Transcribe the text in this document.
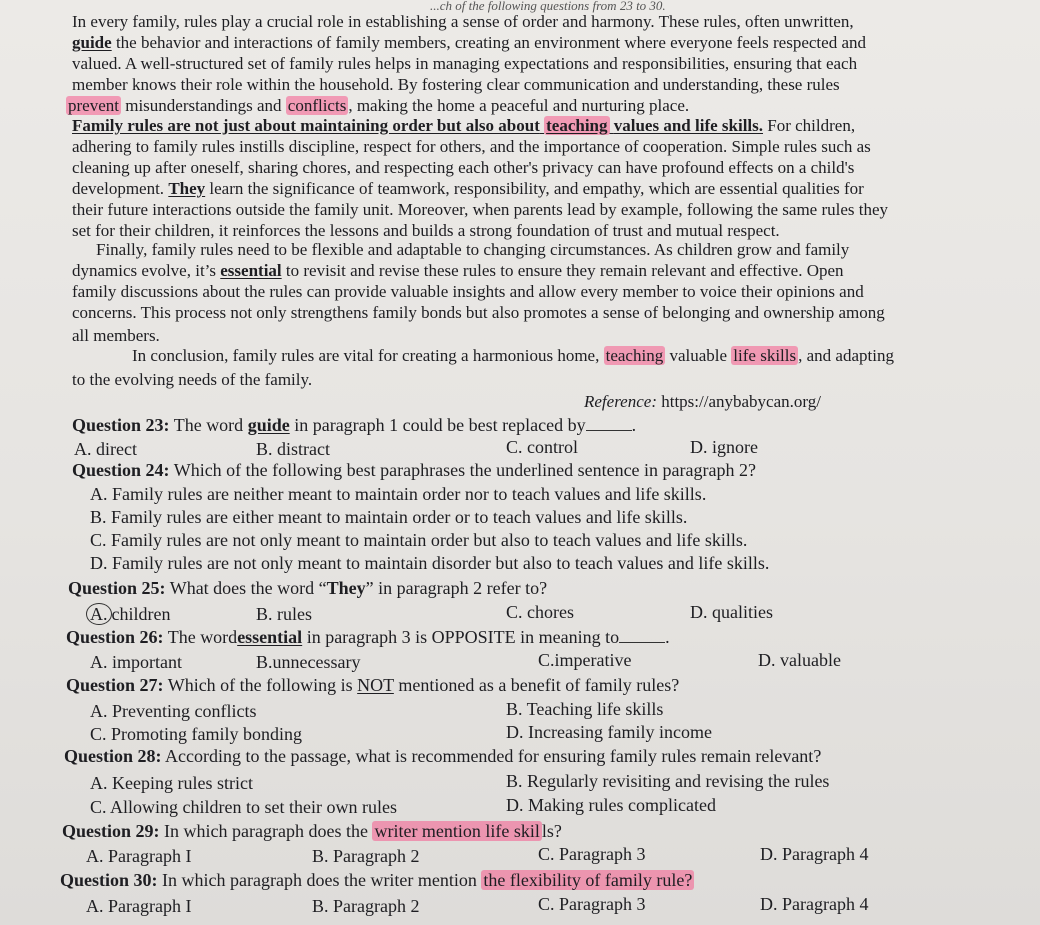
...ch of the following questions from 23 to 30.
In every family, rules play a crucial role in establishing a sense of order and harmony. These rules, often unwritten,
guide the behavior and interactions of family members, creating an environment where everyone feels respected and
valued. A well-structured set of family rules helps in managing expectations and responsibilities, ensuring that each
member knows their role within the household. By fostering clear communication and understanding, these rules
prevent misunderstandings and conflicts , making the home a peaceful and nurturing place.
Family rules are not just about maintaining order but also about teaching values and life skills. For children,
adhering to family rules instills discipline, respect for others, and the importance of cooperation. Simple rules such as
cleaning up after oneself, sharing chores, and respecting each other's privacy can have profound effects on a child's
development. They learn the significance of teamwork, responsibility, and empathy, which are essential qualities for
their future interactions outside the family unit. Moreover, when parents lead by example, following the same rules they
set for their children, it reinforces the lessons and builds a strong foundation of trust and mutual respect.
Finally, family rules need to be flexible and adaptable to changing circumstances. As children grow and family
dynamics evolve, it’s essential to revisit and revise these rules to ensure they remain relevant and effective. Open
family discussions about the rules can provide valuable insights and allow every member to voice their opinions and
concerns. This process not only strengthens family bonds but also promotes a sense of belonging and ownership among
all members.
In conclusion, family rules are vital for creating a harmonious home, teaching valuable life skills , and adapting
to the evolving needs of the family.
Reference: https://anybabycan.org/
Question 23: The word guide in paragraph 1 could be best replaced by	.
A. direct	B. distract	C. control	D. ignore
Question 24: Which of the following best paraphrases the underlined sentence in paragraph 2?
A. Family rules are neither meant to maintain order nor to teach values and life skills.
B. Family rules are either meant to maintain order or to teach values and life skills.
C. Family rules are not only meant to maintain order but also to teach values and life skills.
D. Family rules are not only meant to maintain disorder but also to teach values and life skills.
Question 25: What does the word “They” in paragraph 2 refer to?
A. children	B. rules	C. chores	D. qualities
Question 26: The wordessential in paragraph 3 is OPPOSITE in meaning to	.
A. important	B.unnecessary	C.imperative	D. valuable
Question 27: Which of the following is NOT mentioned as a benefit of family rules?
A. Preventing conflicts	B. Teaching life skills
C. Promoting family bonding	D. Increasing family income
Question 28: According to the passage, what is recommended for ensuring family rules remain relevant?
A. Keeping rules strict	B. Regularly revisiting and revising the rules
C. Allowing children to set their own rules	D. Making rules complicated
Question 29: In which paragraph does the writer mention life skil ls?
A. Paragraph I	B. Paragraph 2	C. Paragraph 3	D. Paragraph 4
Question 30: In which paragraph does the writer mention the flexibility of family rule?
A. Paragraph I	B. Paragraph 2	C. Paragraph 3	D. Paragraph 4
